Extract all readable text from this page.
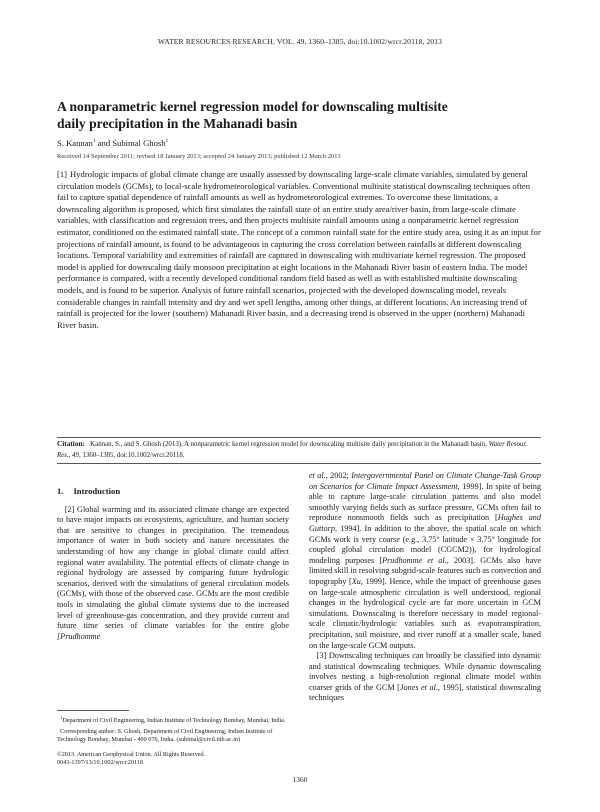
WATER RESOURCES RESEARCH, VOL. 49, 1360–1385, doi:10.1002/wrcr.20118, 2013
A nonparametric kernel regression model for downscaling multisite
daily precipitation in the Mahanadi basin
S. Kannan$^1$ and Subimal Ghosh$^1$
Received 14 September 2011; revised 18 January 2013; accepted 24 January 2013; published 12 March 2013
[1] Hydrologic impacts of global climate change are usually assessed by downscaling large-scale climate variables, simulated by general circulation models (GCMs), to local-scale hydrometeorological variables. Conventional multisite statistical downscaling techniques often fail to capture spatial dependence of rainfall amounts as well as hydrometeorological extremes. To overcome these limitations, a downscaling algorithm is proposed, which first simulates the rainfall state of an entire study area/river basin, from large-scale climate variables, with classification and regression trees, and then projects multisite rainfall amounts using a nonparametric kernel regression estimator, conditioned on the estimated rainfall state. The concept of a common rainfall state for the entire study area, using it as an input for projections of rainfall amount, is found to be advantageous in capturing the cross correlation between rainfalls at different downscaling locations. Temporal variability and extremities of rainfall are captured in downscaling with multivariate kernel regression. The proposed model is applied for downscaling daily monsoon precipitation at eight locations in the Mahanadi River basin of eastern India. The model performance is compared, with a recently developed conditional random field based as well as with established multisite downscaling models, and is found to be superior. Analysis of future rainfall scenarios, projected with the developed downscaling model, reveals considerable changes in rainfall intensity and dry and wet spell lengths, among other things, at different locations. An increasing trend of rainfall is projected for the lower (southern) Mahanadi River basin, and a decreasing trend is observed in the upper (northern) Mahanadi River basin.
Citation: Kannan, S., and S. Ghosh (2013), A nonparametric kernel regression model for downscaling multisite daily precipitation in the Mahanadi basin, Water Resour. Res., 49, 1360–1385, doi:10.1002/wrcr.20118.
1. Introduction

[2] Global warming and its associated climate change are expected to have major impacts on ecosystems, agriculture, and human society that are sensitive to changes in precipitation. The tremendous importance of water in both society and nature necessitates the understanding of how any change in global climate could affect regional water availability. The potential effects of climate change in regional hydrology are assessed by comparing future hydrologic scenarios, derived with the simulations of general circulation models (GCMs), with those of the observed case. GCMs are the most credible tools in simulating the global climate systems due to the increased level of greenhouse-gas concentration, and they provide current and future time series of climate variables for the entire globe [Prudhomme

et al., 2002; Intergovernmental Panel on Climate Change-Task Group on Scenarios for Climate Impact Assessment, 1999]. In spite of being able to capture large-scale circulation patterns and also model smoothly varying fields such as surface pressure, GCMs often fail to reproduce nonsmooth fields such as precipitation [Hughes and Guttorp, 1994]. In addition to the above, the spatial scale on which GCMs work is very coarse (e.g., 3.75° latitude × 3.75° longitude for coupled global circulation model (CGCM2)), for hydrological modeling purposes [Prudhomme et al., 2003]. GCMs also have limited skill in resolving subgrid-scale features such as convection and topography [Xu, 1999]. Hence, while the impact of greenhouse gases on large-scale atmospheric circulation is well understood, regional changes in the hydrological cycle are far more uncertain in GCM simulations. Downscaling is therefore necessary to model regional-scale climatic/hydrologic variables such as evapotranspiration, precipitation, soil moisture, and river runoff at a smaller scale, based on the large-scale GCM outputs.

[3] Downscaling techniques can broadly be classified into dynamic and statistical downscaling techniques. While dynamic downscaling involves nesting a high-resolution regional climate model within coarser grids of the GCM [Jones et al., 1995], statistical downscaling techniques

$^1$Department of Civil Engineering, Indian Institute of Technology Bombay, Mumbai, India.

Corresponding author: S. Ghosh, Department of Civil Engineering, Indian Institute of Technology Bombay, Mumbai - 400 076, India. (subimal@civil.iitb.ac.in)

©2013. American Geophysical Union. All Rights Reserved.
0043-1397/13/10.1002/wrcr.20118

1360
